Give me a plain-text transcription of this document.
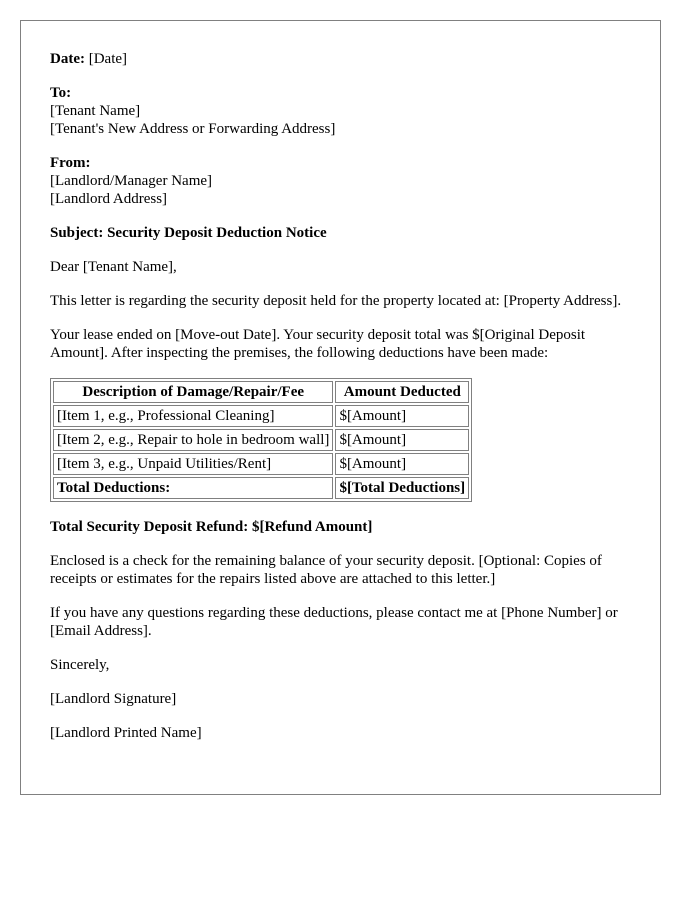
Date: [Date]

To:
[Tenant Name]
[Tenant's New Address or Forwarding Address]
From:
[Landlord/Manager Name]
[Landlord Address]

Subject: Security Deposit Deduction Notice

Dear [Tenant Name],

This letter is regarding the security deposit held for the property located at: [Property Address].

Your lease ended on [Move-out Date]. Your security deposit total was $[Original Deposit Amount]. After inspecting the premises, the following deductions have been made:

Description of Damage/Repair/Fee	Amount Deducted
[Item 1, e.g., Professional Cleaning]	$[Amount]
[Item 2, e.g., Repair to hole in bedroom wall]	$[Amount]
[Item 3, e.g., Unpaid Utilities/Rent]	$[Amount]
Total Deductions:	$[Total Deductions]

Total Security Deposit Refund: $[Refund Amount]

Enclosed is a check for the remaining balance of your security deposit. [Optional: Copies of receipts or estimates for the repairs listed above are attached to this letter.]

If you have any questions regarding these deductions, please contact me at [Phone Number] or [Email Address].

Sincerely,

[Landlord Signature]

[Landlord Printed Name]
